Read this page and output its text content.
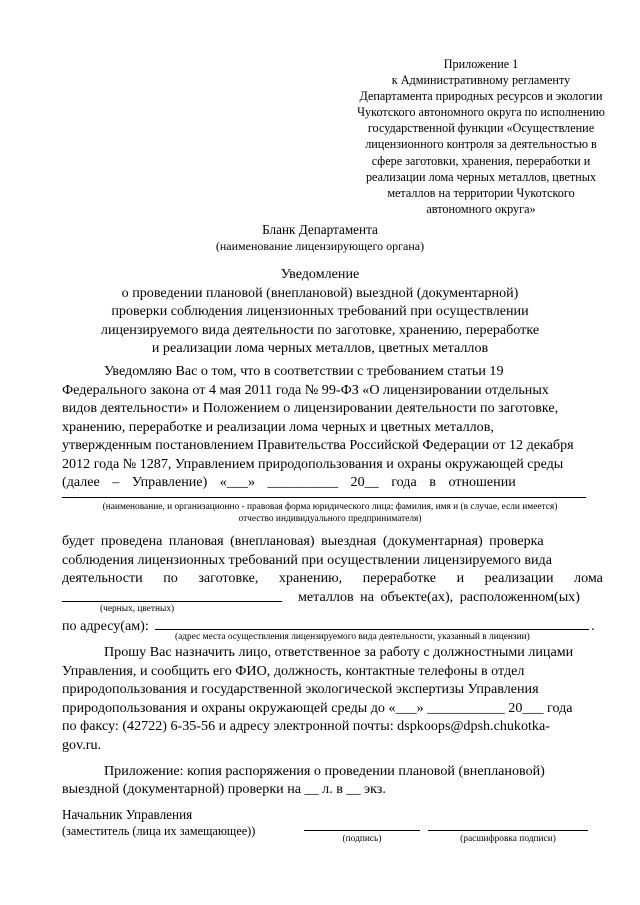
Приложение 1
к Административному регламенту
Департамента природных ресурсов и экологии
Чукотского автономного округа по исполнению
государственной функции «Осуществление
лицензионного контроля за деятельностью в
сфере заготовки, хранения, переработки и
реализации лома черных металлов, цветных
металлов на территории Чукотского
автономного округа»
Бланк Департамента
(наименование лицензирующего органа)
Уведомление
о проведении плановой (внеплановой) выездной (документарной)
проверки соблюдения лицензионных требований при осуществлении
лицензируемого вида деятельности по заготовке, хранению, переработке
и реализации лома черных металлов, цветных металлов
Уведомляю Вас о том, что в соответствии с требованием статьи 19
Федерального закона от 4 мая 2011 года № 99-ФЗ «О лицензировании отдельных
видов деятельности» и Положением о лицензировании деятельности по заготовке,
хранению, переработке и реализации лома черных и цветных металлов,
утвержденным постановлением Правительства Российской Федерации от 12 декабря
2012 года № 1287, Управлением природопользования и охраны окружающей среды
(далее – Управление) «___» __________ 20__ года в отношении
(наименование, и организационно - правовая форма юридического лица; фамилия, имя и (в случае, если имеется)
отчество индивидуального предпринимателя)
будет проведена плановая (внеплановая) выездная (документарная) проверка
соблюдения лицензионных требований при осуществлении лицензируемого вида
деятельности по заготовке, хранению, переработке и реализации лома
металлов на объекте(ах), расположенном(ых)
(черных, цветных)
по адресу(ам):	.
(адрес места осуществления лицензируемого вида деятельности, указанный в лицензии)
Прошу Вас назначить лицо, ответственное за работу с должностными лицами
Управления, и сообщить его ФИО, должность, контактные телефоны в отдел
природопользования и государственной экологической экспертизы Управления
природопользования и охраны окружающей среды до «___» ___________ 20___ года
по факсу: (42722) 6-35-56 и адресу электронной почты: dspkoops@dpsh.chukotka-
gov.ru.
Приложение: копия распоряжения о проведении плановой (внеплановой)
выездной (документарной) проверки на __ л. в __ экз.
Начальник Управления
(заместитель (лица их замещающее))
(подпись)	(расшифровка подписи)
